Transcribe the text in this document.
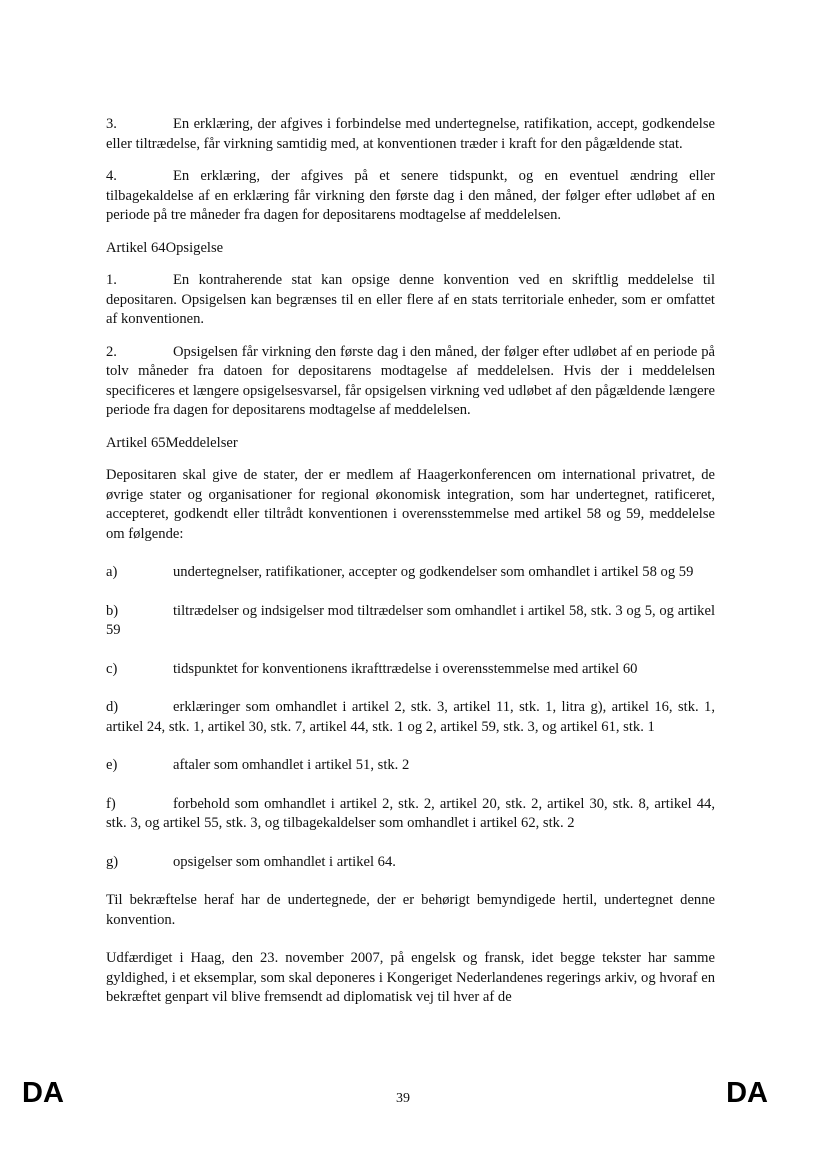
3.	En erklæring, der afgives i forbindelse med undertegnelse, ratifikation, accept, godkendelse eller tiltrædelse, får virkning samtidig med, at konventionen træder i kraft for den pågældende stat.

4.	En erklæring, der afgives på et senere tidspunkt, og en eventuel ændring eller tilbagekaldelse af en erklæring får virkning den første dag i den måned, der følger efter udløbet af en periode på tre måneder fra dagen for depositarens modtagelse af meddelelsen.

Artikel 64Opsigelse

1.	En kontraherende stat kan opsige denne konvention ved en skriftlig meddelelse til depositaren. Opsigelsen kan begrænses til en eller flere af en stats territoriale enheder, som er omfattet af konventionen.

2.	Opsigelsen får virkning den første dag i den måned, der følger efter udløbet af en periode på tolv måneder fra datoen for depositarens modtagelse af meddelelsen. Hvis der i meddelelsen specificeres et længere opsigelsesvarsel, får opsigelsen virkning ved udløbet af den pågældende længere periode fra dagen for depositarens modtagelse af meddelelsen.

Artikel 65Meddelelser

Depositaren skal give de stater, der er medlem af Haagerkonferencen om international privatret, de øvrige stater og organisationer for regional økonomisk integration, som har undertegnet, ratificeret, accepteret, godkendt eller tiltrådt konventionen i overensstemmelse med artikel 58 og 59, meddelelse om følgende:

a)	undertegnelser, ratifikationer, accepter og godkendelser som omhandlet i artikel 58 og 59

b)	tiltrædelser og indsigelser mod tiltrædelser som omhandlet i artikel 58, stk. 3 og 5, og artikel 59

c)	tidspunktet for konventionens ikrafttrædelse i overensstemmelse med artikel 60

d)	erklæringer som omhandlet i artikel 2, stk. 3, artikel 11, stk. 1, litra g), artikel 16, stk. 1, artikel 24, stk. 1, artikel 30, stk. 7, artikel 44, stk. 1 og 2, artikel 59, stk. 3, og artikel 61, stk. 1

e)	aftaler som omhandlet i artikel 51, stk. 2

f)	forbehold som omhandlet i artikel 2, stk. 2, artikel 20, stk. 2, artikel 30, stk. 8, artikel 44, stk. 3, og artikel 55, stk. 3, og tilbagekaldelser som omhandlet i artikel 62, stk. 2

g)	opsigelser som omhandlet i artikel 64.

Til bekræftelse heraf har de undertegnede, der er behørigt bemyndigede hertil, undertegnet denne konvention.

Udfærdiget i Haag, den 23. november 2007, på engelsk og fransk, idet begge tekster har samme gyldighed, i et eksemplar, som skal deponeres i Kongeriget Nederlandenes regerings arkiv, og hvoraf en bekræftet genpart vil blive fremsendt ad diplomatisk vej til hver af de

DA	39	DA
